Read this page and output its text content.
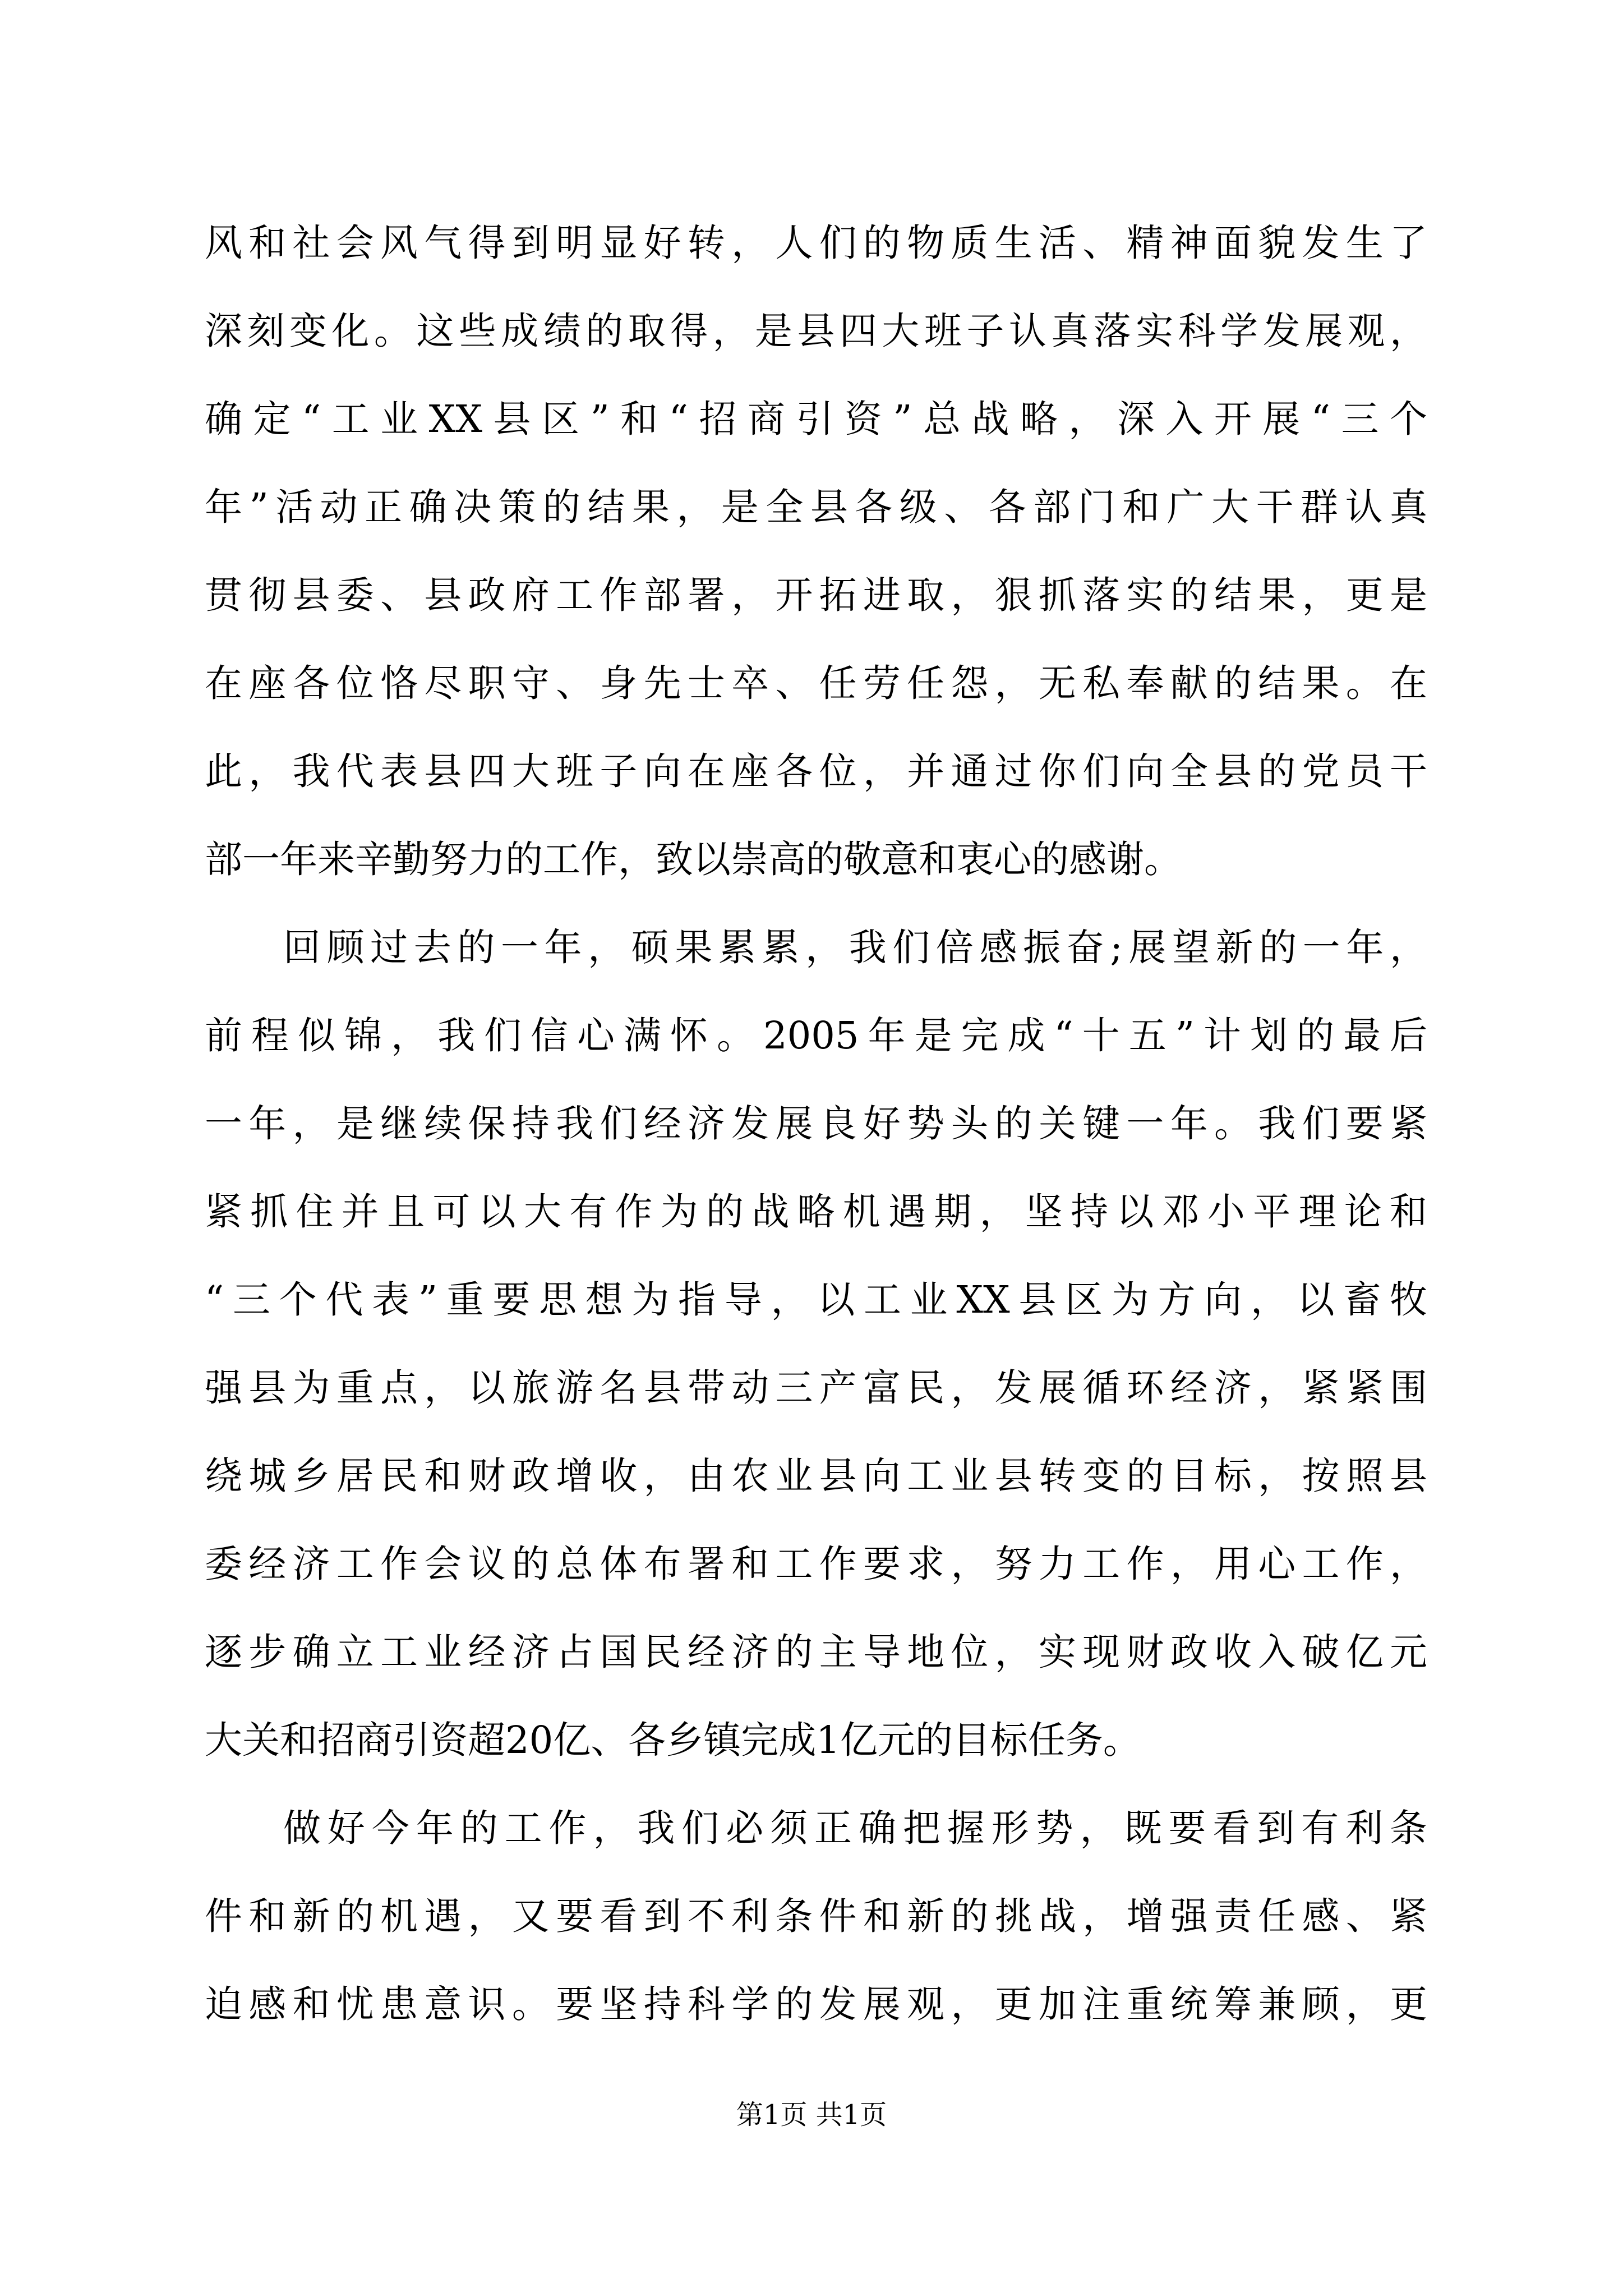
风和社会风气得到明显好转，人们的物质生活、精神面貌发生了
深刻变化。这些成绩的取得，是县四大班子认真落实科学发展观，
确定“工业XX县区”和“招商引资”总战略，深入开展“三个
年”活动正确决策的结果，是全县各级、各部门和广大干群认真
贯彻县委、县政府工作部署，开拓进取，狠抓落实的结果，更是
在座各位恪尽职守、身先士卒、任劳任怨，无私奉献的结果。在
此，我代表县四大班子向在座各位，并通过你们向全县的党员干
部一年来辛勤努力的工作，致以崇高的敬意和衷心的感谢。
回顾过去的一年，硕果累累，我们倍感振奋;展望新的一年，
前程似锦，我们信心满怀。2005年是完成“十五”计划的最后
一年，是继续保持我们经济发展良好势头的关键一年。我们要紧
紧抓住并且可以大有作为的战略机遇期，坚持以邓小平理论和
“三个代表”重要思想为指导，以工业XX县区为方向，以畜牧
强县为重点，以旅游名县带动三产富民，发展循环经济，紧紧围
绕城乡居民和财政增收，由农业县向工业县转变的目标，按照县
委经济工作会议的总体布署和工作要求，努力工作，用心工作，
逐步确立工业经济占国民经济的主导地位，实现财政收入破亿元
大关和招商引资超20亿、各乡镇完成1亿元的目标任务。
做好今年的工作，我们必须正确把握形势，既要看到有利条
件和新的机遇，又要看到不利条件和新的挑战，增强责任感、紧
迫感和忧患意识。要坚持科学的发展观，更加注重统筹兼顾，更
第1页 共1页
